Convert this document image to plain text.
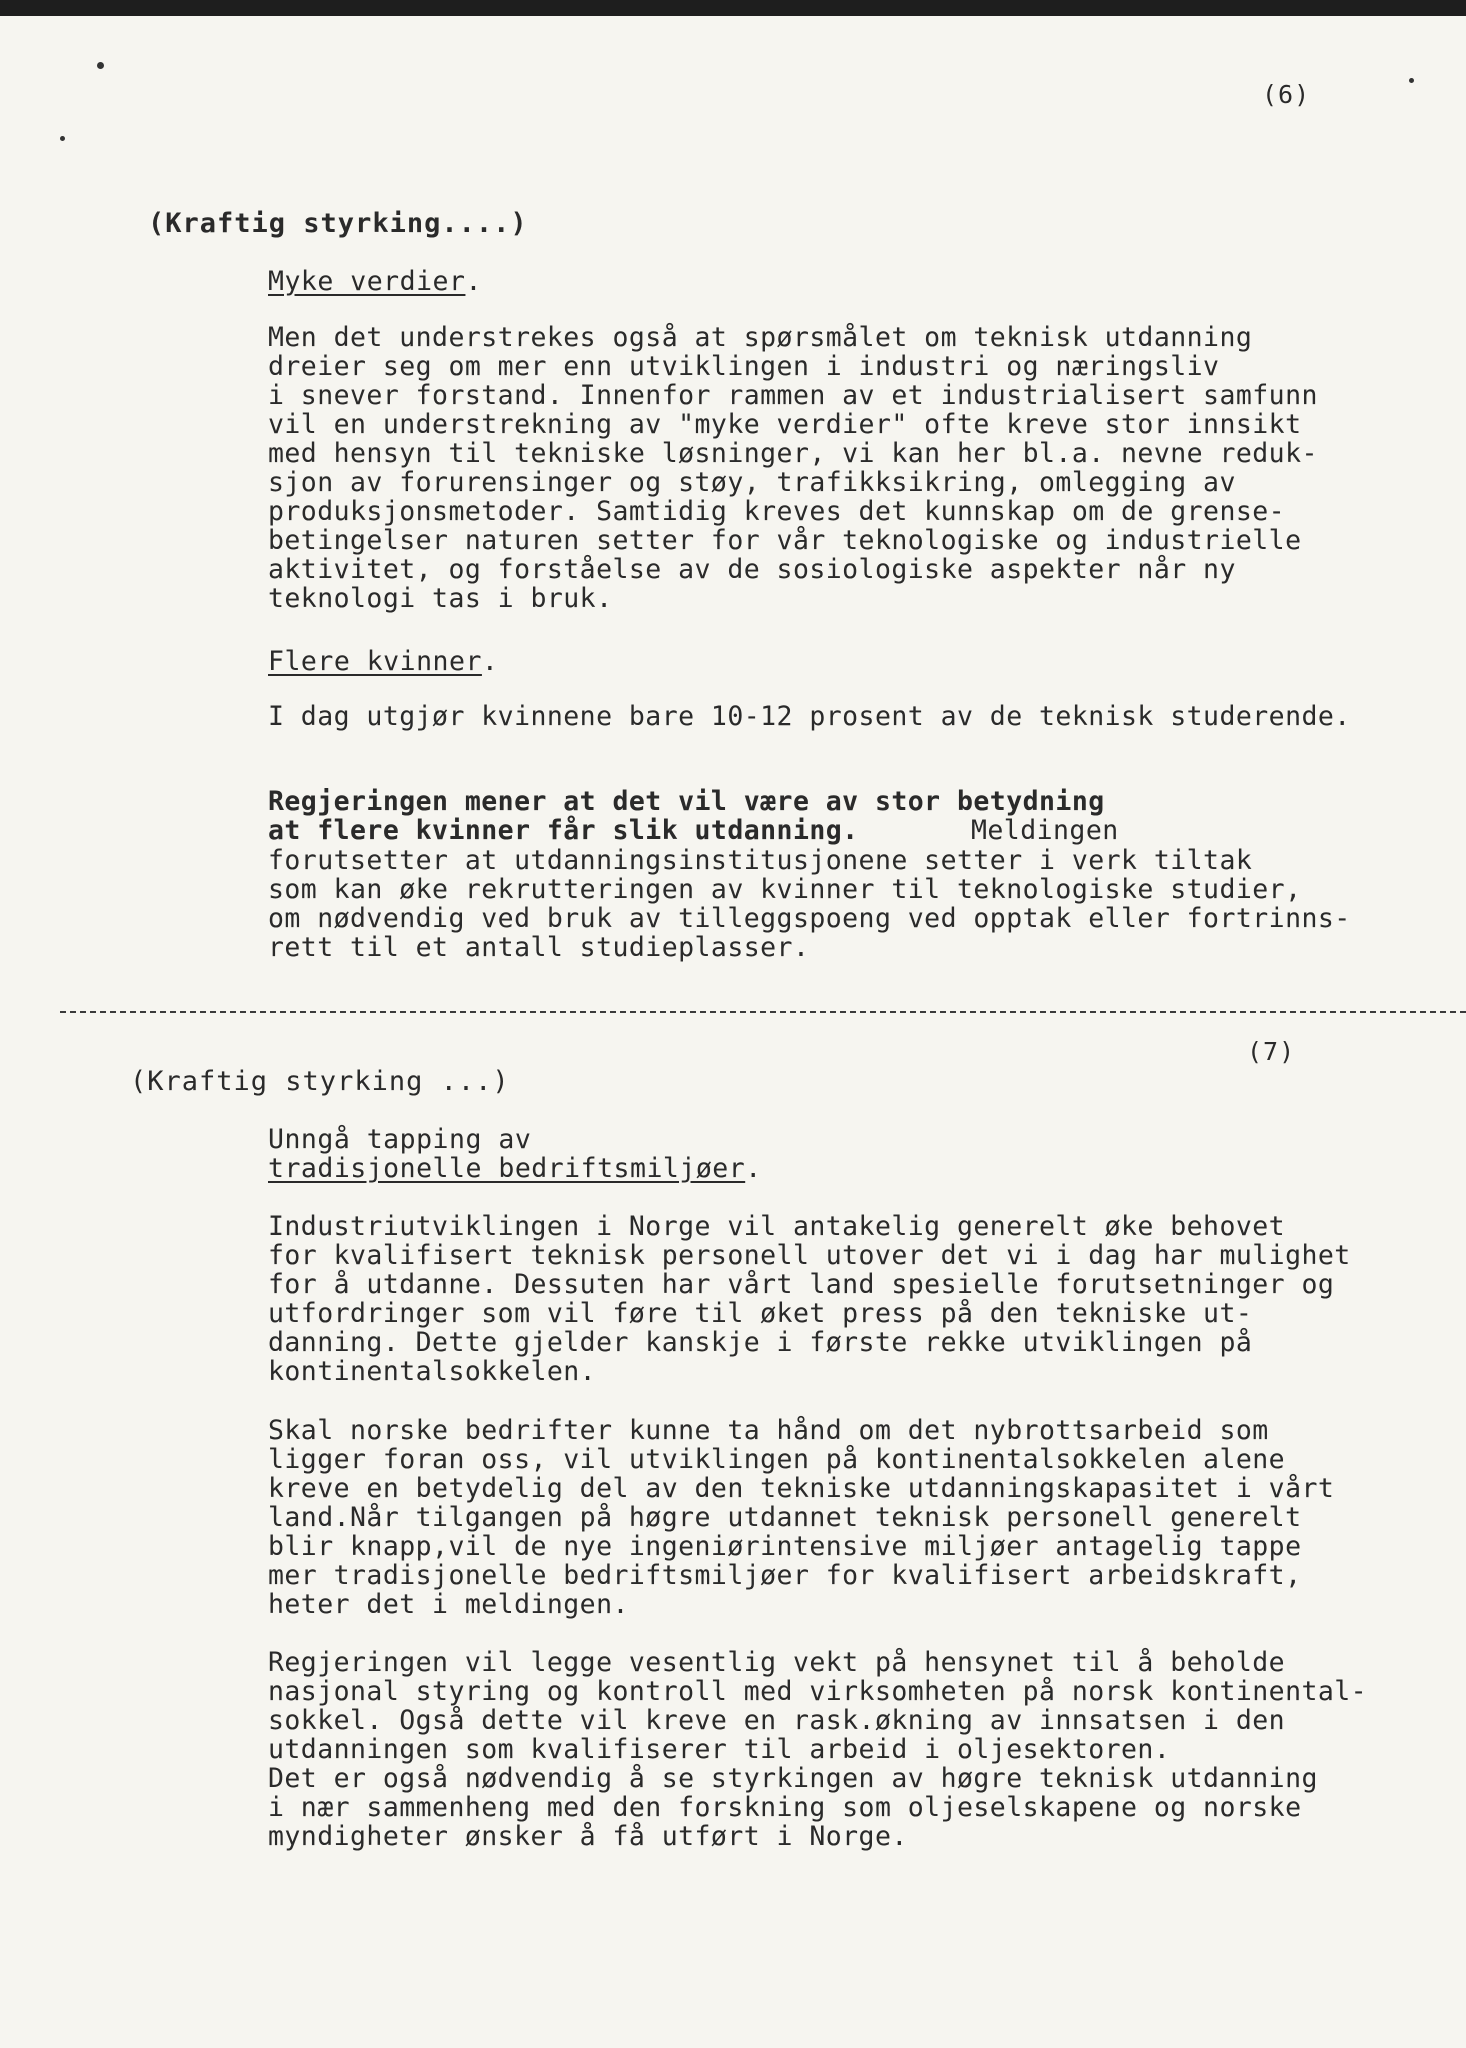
(6)
(Kraftig styrking....)
Myke verdier.

Men det understrekes også at spørsmålet om teknisk utdanning
dreier seg om mer enn utviklingen i industri og næringsliv
i snever forstand. Innenfor rammen av et industrialisert samfunn
vil en understrekning av "myke verdier" ofte kreve stor innsikt
med hensyn til tekniske løsninger, vi kan her bl.a. nevne reduk-
sjon av forurensinger og støy, trafikksikring, omlegging av
produksjonsmetoder. Samtidig kreves det kunnskap om de grense-
betingelser naturen setter for vår teknologiske og industrielle
aktivitet, og forståelse av de sosiologiske aspekter når ny
teknologi tas i bruk.

Flere kvinner.

I dag utgjør kvinnene bare 10-12 prosent av de teknisk studerende.

Regjeringen mener at det vil være av stor betydning
at flere kvinner får slik utdanning.	Meldingen

forutsetter at utdanningsinstitusjonene setter i verk tiltak
som kan øke rekrutteringen av kvinner til teknologiske studier,
om nødvendig ved bruk av tilleggspoeng ved opptak eller fortrinns-
rett til et antall studieplasser.

(7)
(Kraftig styrking ...)
Unngå tapping av
tradisjonelle bedriftsmiljøer.

Industriutviklingen i Norge vil antakelig generelt øke behovet
for kvalifisert teknisk personell utover det vi i dag har mulighet
for å utdanne. Dessuten har vårt land spesielle forutsetninger og
utfordringer som vil føre til øket press på den tekniske ut-
danning. Dette gjelder kanskje i første rekke utviklingen på
kontinentalsokkelen.

Skal norske bedrifter kunne ta hånd om det nybrottsarbeid som
ligger foran oss, vil utviklingen på kontinentalsokkelen alene
kreve en betydelig del av den tekniske utdanningskapasitet i vårt
land.Når tilgangen på høgre utdannet teknisk personell generelt
blir knapp,vil de nye ingeniørintensive miljøer antagelig tappe
mer tradisjonelle bedriftsmiljøer for kvalifisert arbeidskraft,
heter det i meldingen.

Regjeringen vil legge vesentlig vekt på hensynet til å beholde
nasjonal styring og kontroll med virksomheten på norsk kontinental-
sokkel. Også dette vil kreve en rask.økning av innsatsen i den
utdanningen som kvalifiserer til arbeid i oljesektoren.
Det er også nødvendig å se styrkingen av høgre teknisk utdanning
i nær sammenheng med den forskning som oljeselskapene og norske
myndigheter ønsker å få utført i Norge.
